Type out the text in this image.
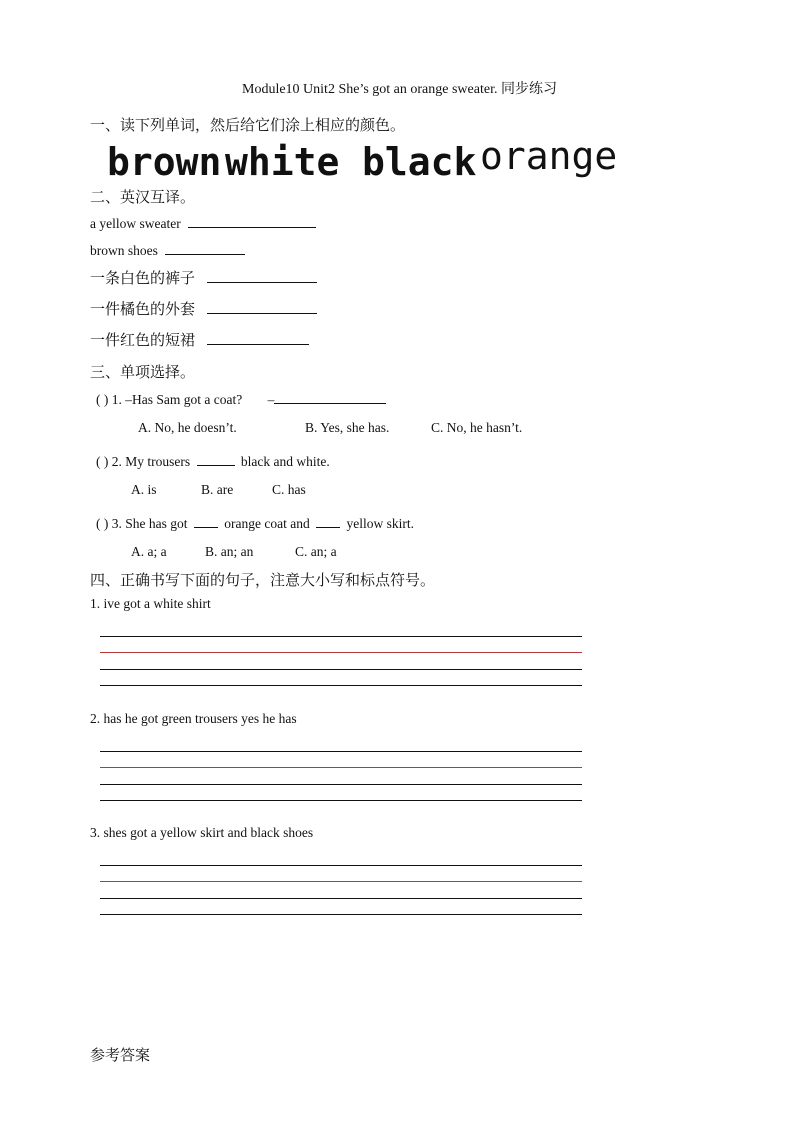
Module10 Unit2 She’s got an orange sweater. 同步练习
一、读下列单词，然后给它们涂上相应的颜色。
brown white black orange
二、英汉互译。
a yellow sweater
brown shoes
一条白色的裤子
一件橘色的外套
一件红色的短裙
三、单项选择。
( ) 1. –Has Sam got a coat? –
A. No, he doesn’t.	B. Yes, she has.	C. No, he hasn’t.
( ) 2. My trousers	black and white.
A. is	B. are	C. has
( ) 3. She has got	orange coat and	yellow skirt.
A. a; a	B. an; an	C. an; a
四、正确书写下面的句子，注意大小写和标点符号。
1. ive got a white shirt
2. has he got green trousers yes he has
3. shes got a yellow skirt and black shoes
参考答案
